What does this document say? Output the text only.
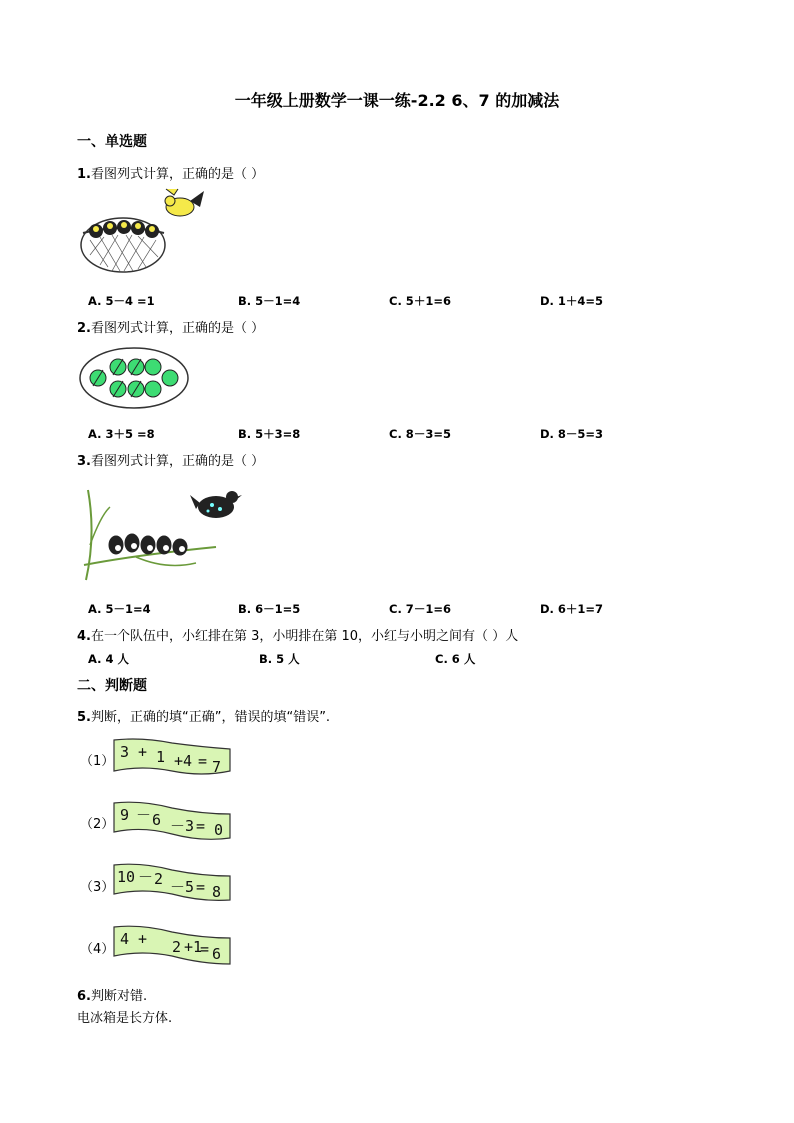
一年级上册数学一课一练-2.2 6、7 的加减法
一、单选题
1.看图列式计算，正确的是（ ）
A. 5－4 =1	B. 5－1=4	C. 5＋1=6	D. 1＋4=5
2.看图列式计算，正确的是（ ）
A. 3＋5 =8	B. 5＋3=8	C. 8－3=5	D. 8－5=3
3.看图列式计算，正确的是（ ）
A. 5－1=4	B. 6－1=5	C. 7－1=6	D. 6＋1=7
4.在一个队伍中，小红排在第 3，小明排在第 10，小红与小明之间有（ ）人
A. 4 人	B. 5 人	C. 6 人
二、判断题
5.判断，正确的填“正确”，错误的填“错误”.
（1）
3 + 1 +4 = 7
（2）
9 － 6 －3 = 0
（3）
10 － 2 －5 = 8
（4）
4 + 2 +1
= 6
6.判断对错.
电冰箱是长方体.
